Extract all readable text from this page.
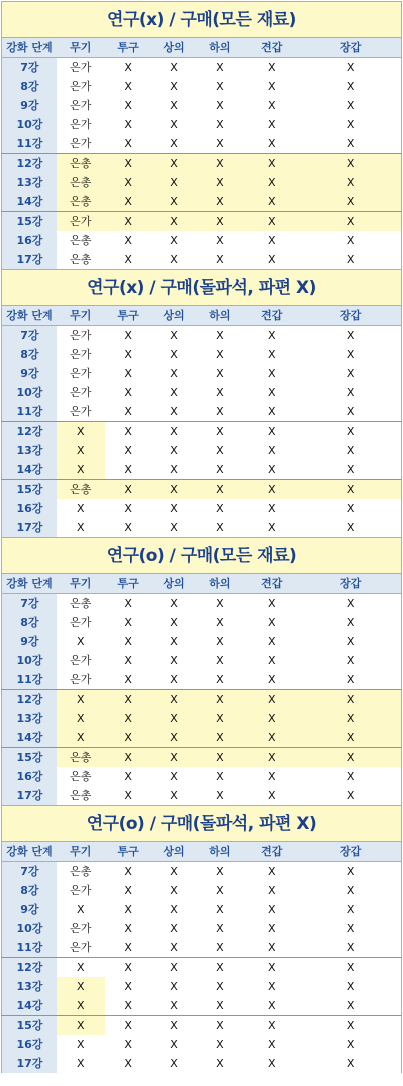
연구(x) / 구매(모든 재료)
강화 단계	무기	투구	상의	하의	견갑	장갑
7강	은가	X	X	X	X	X
8강	은가	X	X	X	X	X
9강	은가	X	X	X	X	X
10강	은가	X	X	X	X	X
11강	은가	X	X	X	X	X
12강	은총	X	X	X	X	X
13강	은총	X	X	X	X	X
14강	은총	X	X	X	X	X
15강	은가	X	X	X	X	X
16강	은총	X	X	X	X	X
17강	은총	X	X	X	X	X
연구(x) / 구매(돌파석, 파편 X)
강화 단계	무기	투구	상의	하의	견갑	장갑
7강	은가	X	X	X	X	X
8강	은가	X	X	X	X	X
9강	은가	X	X	X	X	X
10강	은가	X	X	X	X	X
11강	은가	X	X	X	X	X
12강	X	X	X	X	X	X
13강	X	X	X	X	X	X
14강	X	X	X	X	X	X
15강	은총	X	X	X	X	X
16강	X	X	X	X	X	X
17강	X	X	X	X	X	X
연구(o) / 구매(모든 재료)
강화 단계	무기	투구	상의	하의	견갑	장갑
7강	은총	X	X	X	X	X
8강	은가	X	X	X	X	X
9강	X	X	X	X	X	X
10강	은가	X	X	X	X	X
11강	은가	X	X	X	X	X
12강	X	X	X	X	X	X
13강	X	X	X	X	X	X
14강	X	X	X	X	X	X
15강	은총	X	X	X	X	X
16강	은총	X	X	X	X	X
17강	은총	X	X	X	X	X
연구(o) / 구매(돌파석, 파편 X)
강화 단계	무기	투구	상의	하의	견갑	장갑
7강	은총	X	X	X	X	X
8강	은가	X	X	X	X	X
9강	X	X	X	X	X	X
10강	은가	X	X	X	X	X
11강	은가	X	X	X	X	X
12강	X	X	X	X	X	X
13강	X	X	X	X	X	X
14강	X	X	X	X	X	X
15강	X	X	X	X	X	X
16강	X	X	X	X	X	X
17강	X	X	X	X	X	X
